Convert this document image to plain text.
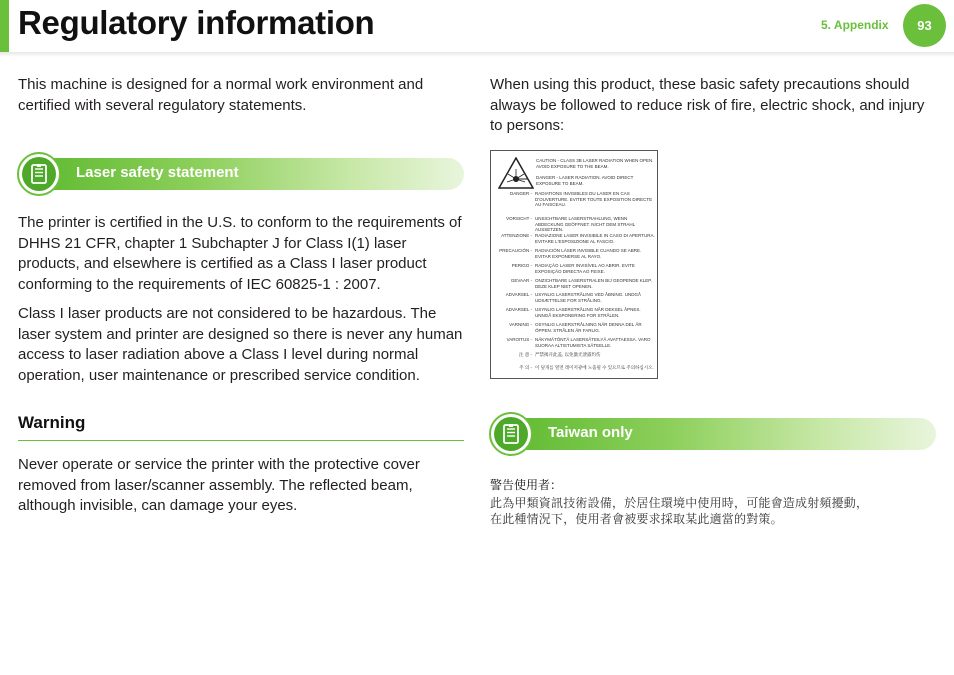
Regulatory information	5. Appendix 93
This machine is designed for a normal work environment and certified with several regulatory statements.
Laser safety statement
The printer is certified in the U.S. to conform to the requirements of DHHS 21 CFR, chapter 1 Subchapter J for Class I(1) laser products, and elsewhere is certified as a Class I laser product conforming to the requirements of IEC 60825-1 : 2007.
Class I laser products are not considered to be hazardous. The laser system and printer are designed so there is never any human access to laser radiation above a Class I level during normal operation, user maintenance or prescribed service condition.
Warning
Never operate or service the printer with the protective cover removed from laser/scanner assembly. The reflected beam, although invisible, can damage your eyes.
When using this product, these basic safety precautions should always be followed to reduce risk of fire, electric shock, and injury to persons:
CAUTION - CLASS 3B LASER RADIATION WHEN OPEN. AVOID EXPOSURE TO THE BEAM.
DANGER - LASER RADIATION. AVOID DIRECT EXPOSURE TO BEAM.
DANGER - RADIATIONS INVISIBLES DU LASER EN CAS D'OUVERTURE. EVITER TOUTE EXPOSITION DIRECTE AU FAISCEAU.
VORSICHT - UNSICHTBARE LASERSTRAHLUNG, WENN ABDECKUNG GEÖFFNET. NICHT DEM STRAHL AUSSETZEN.
ATTENZIONE - RADIAZIONE LASER INVISIBILE IN CASO DI APERTURA. EVITARE L'ESPOSIZIONE AL FASCIO.
PRECAUCIÓN - RADIACIÓN LÁSER INVISIBLE CUANDO SE ABRE. EVITAR EXPONERSE AL RAYO.
PERIGO - RADIAÇÃO LASER INVISÍVEL AO ABRIR. EVITE EXPOSIÇÃO DIRECTA AO FEIXE.
GEVAAR - ONZICHTBARE LASERSTRALEN BIJ GEOPENDE KLEP. DEZE KLEP NIET OPENEN.
ADVARSEL - USYNLIG LASERSTRÅLING VED ÅBNING. UNDGÅ UDSÆTTELSE FOR STRÅLING.
ADVARSEL - USYNLIG LASERSTRÅLING NÅR DEKSEL ÅPNES. UNNGÅ EKSPONERING FOR STRÅLEN.
VARNING - OSYNLIG LASERSTRÅLNING NÄR DENNA DEL ÄR ÖPPEN. STRÅLEN ÄR FARLIG.
VAROITUS - NÄKYMÄTÖNTÄ LASERSÄTEILYÄ AVATTAESSA. VARO SUORAA ALTISTUMISTA SÄTEELLE.
注 意 - 严禁揭开此盖, 以免激光泄露灼伤
주 의 - 이 덮개를 열면 레이저광에 노출될 수 있으므로 주의하십시오.
Taiwan only
警告使用者：
此為甲類資訊技術設備，於居住環境中使用時，可能會造成射頻擾動，
在此種情況下，使用者會被要求採取某此適當的對策。
